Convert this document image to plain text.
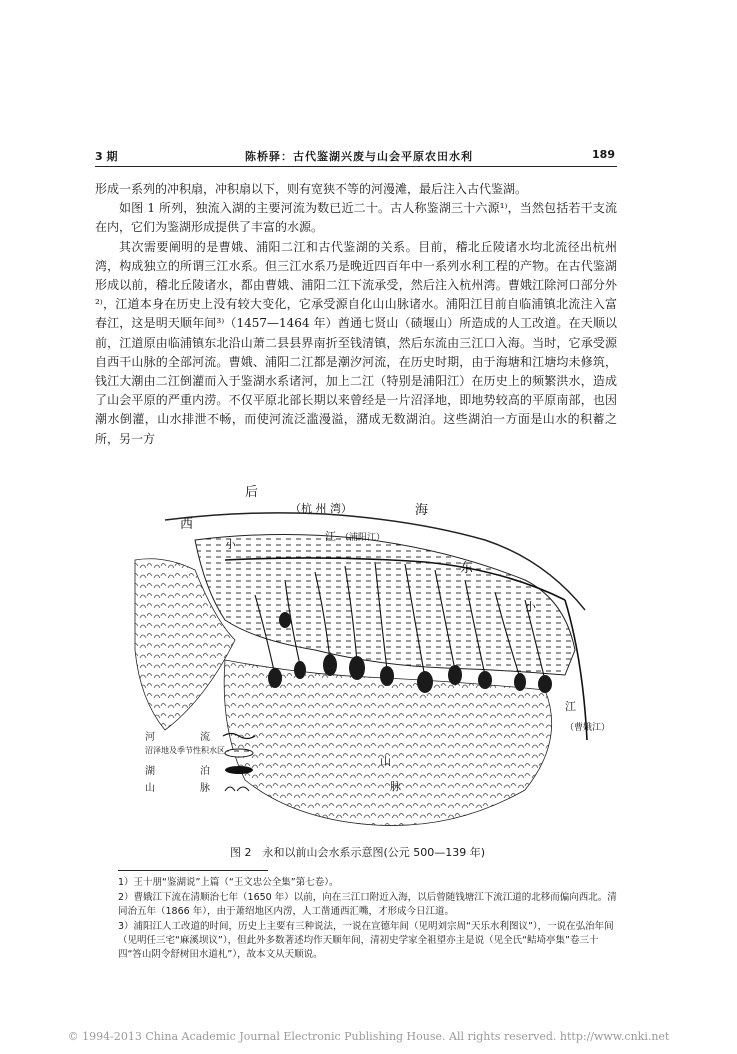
3 期	陈桥驿：古代鉴湖兴废与山会平原农田水利	189

形成一系列的冲积扇，冲积扇以下，则有宽狭不等的河漫滩，最后注入古代鉴湖。

如图 1 所列，独流入湖的主要河流为数已近二十。古人称鉴湖三十六源¹⁾，当然包括若干支流在内，它们为鉴湖形成提供了丰富的水源。

其次需要阐明的是曹娥、浦阳二江和古代鉴湖的关系。目前，稽北丘陵诸水均北流径出杭州湾，构成独立的所谓三江水系。但三江水系乃是晚近四百年中一系列水利工程的产物。在古代鉴湖形成以前，稽北丘陵诸水，都由曹娥、浦阳二江下流承受，然后注入杭州湾。曹娥江除河口部分外²⁾，江道本身在历史上没有较大变化，它承受源自化山山脉诸水。浦阳江目前自临浦镇北流注入富春江，这是明天顺年间³⁾（1457—1464 年）酋通七贤山（碛堰山）所造成的人工改道。在天顺以前，江道原由临浦镇东北沿山萧二县县界南折至钱清镇，然后东流由三江口入海。当时，它承受源自西干山脉的全部河流。曹娥、浦阳二江都是潮汐河流，在历史时期，由于海塘和江塘均未修筑，钱江大潮由二江倒灌而入于鉴湖水系诸河，加上二江（特别是浦阳江）在历史上的频繁洪水，造成了山会平原的严重内涝。不仅平原北部长期以来曾经是一片沼泽地，即地势较高的平原南部，也因潮水倒灌，山水排泄不畅，而使河流泛滥漫溢，潴成无数湖泊。这些湖泊一方面是山水的积蓄之所，另一方

后
（杭 州 湾）	海
西
小
江 （浦阳江）
东
小
江
（曹娥江）
山
脉
河	流
沼泽地及季节性积水区
湖	泊
山	脉
图 2　永和以前山会水系示意图(公元 500—139 年)

1）王十朋“鉴湖说”上篇（“王文忠公全集”第七卷）。

2）曹娥江下流在清顺治七年（1650 年）以前，向在三江口附近入海，以后曾随钱塘江下流江道的北移而偏向西北。清同治五年（1866 年），由于萧绍地区内涝，人工凿通西汇嘴，才形成今日江道。

3）浦阳江人工改道的时间，历史上主要有三种说法，一说在宣德年间（见明刘宗周“天乐水利图议”），一说在弘治年间（见明任三宅“麻溪坝议”），但此外多数著述均作天顺年间，清初史学家全祖望亦主是说（见全氏“鲒埼亭集”卷三十四“答山阴令舒树田水道札”），故本文从天顺说。

© 1994-2013 China Academic Journal Electronic Publishing House. All rights reserved. http://www.cnki.net
